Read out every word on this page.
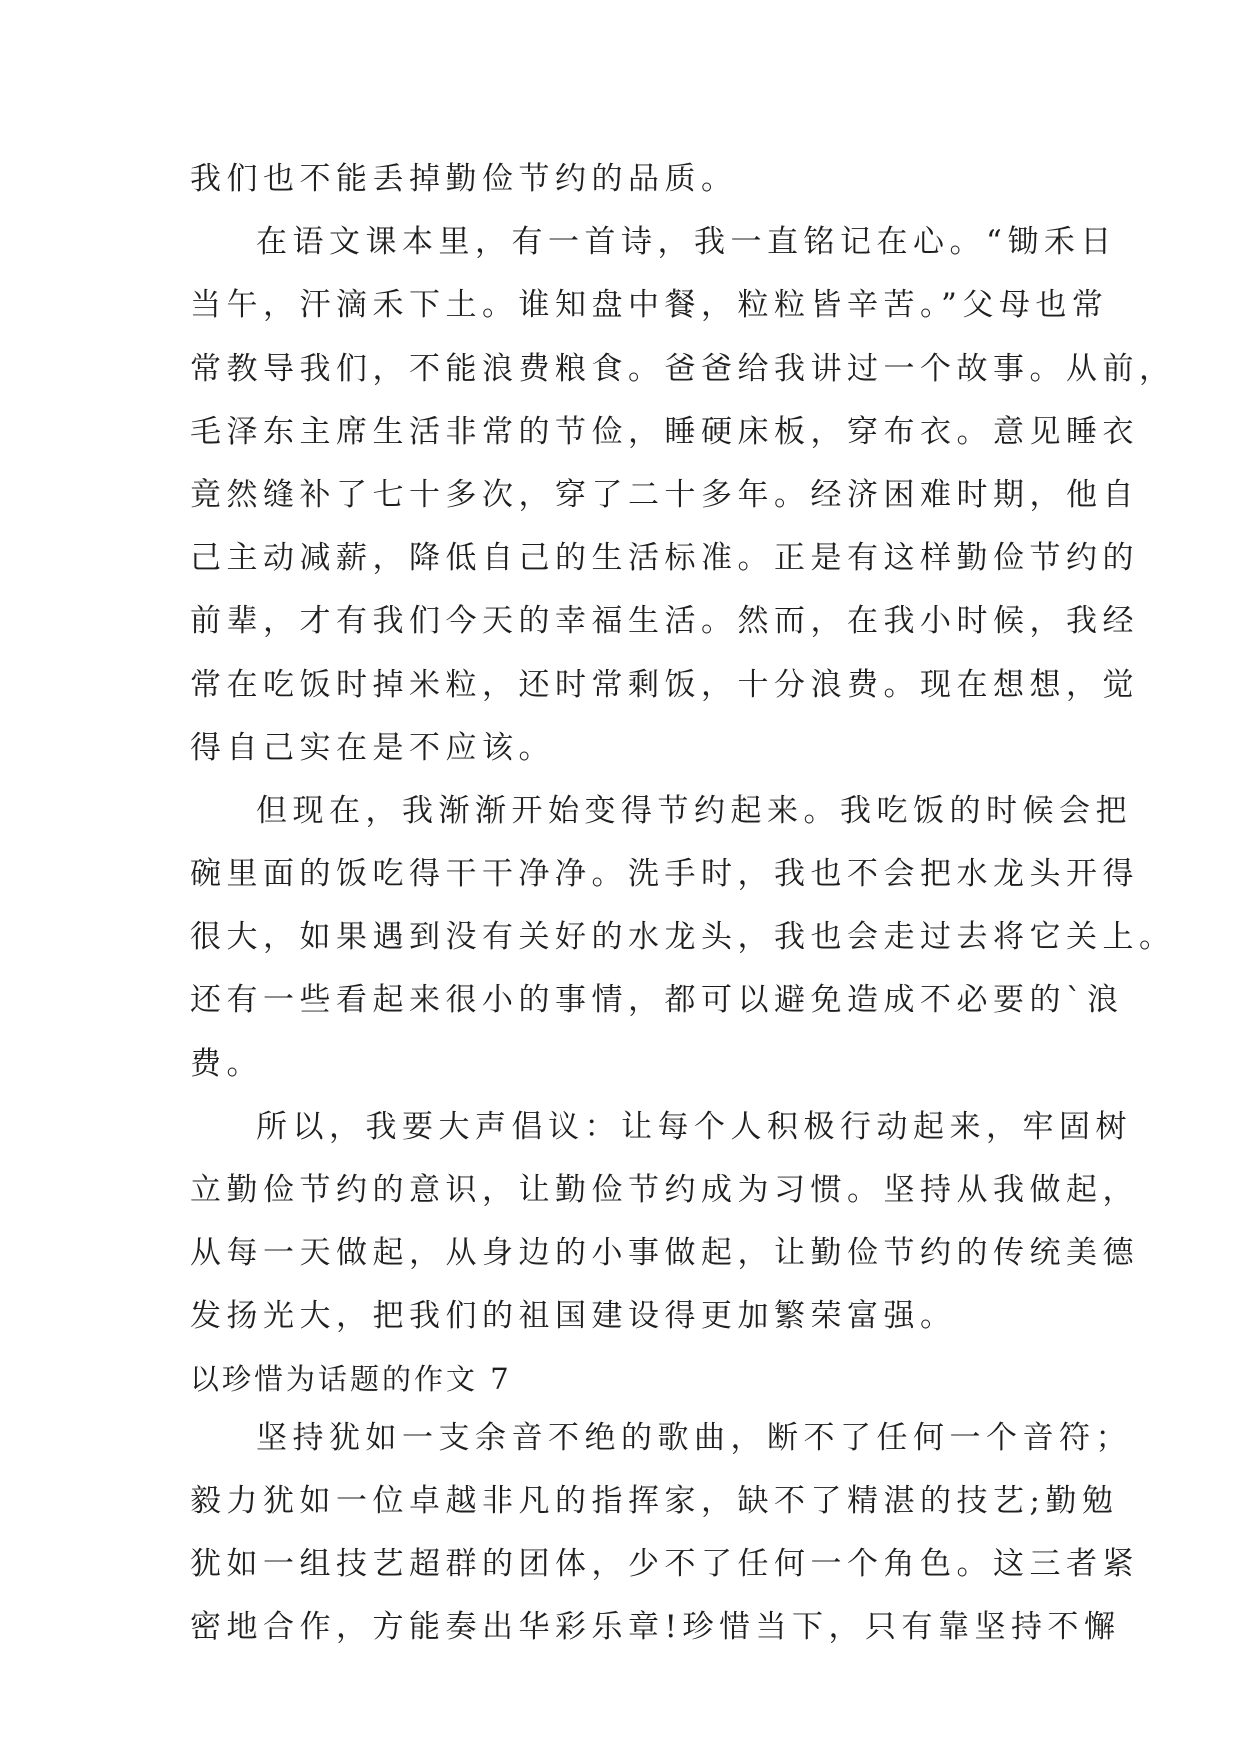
我们也不能丢掉勤俭节约的品质。
在语文课本里，有一首诗，我一直铭记在心。“锄禾日
当午，汗滴禾下土。谁知盘中餐，粒粒皆辛苦。”父母也常
常教导我们，不能浪费粮食。爸爸给我讲过一个故事。从前，
毛泽东主席生活非常的节俭，睡硬床板，穿布衣。意见睡衣
竟然缝补了七十多次，穿了二十多年。经济困难时期，他自
己主动减薪，降低自己的生活标准。正是有这样勤俭节约的
前辈，才有我们今天的幸福生活。然而，在我小时候，我经
常在吃饭时掉米粒，还时常剩饭，十分浪费。现在想想，觉
得自己实在是不应该。
但现在，我渐渐开始变得节约起来。我吃饭的时候会把
碗里面的饭吃得干干净净。洗手时，我也不会把水龙头开得
很大，如果遇到没有关好的水龙头，我也会走过去将它关上。
还有一些看起来很小的事情，都可以避免造成不必要的`浪
费。
所以，我要大声倡议：让每个人积极行动起来，牢固树
立勤俭节约的意识，让勤俭节约成为习惯。坚持从我做起，
从每一天做起，从身边的小事做起，让勤俭节约的传统美德
发扬光大，把我们的祖国建设得更加繁荣富强。
以珍惜为话题的作文 7
坚持犹如一支余音不绝的歌曲，断不了任何一个音符；
毅力犹如一位卓越非凡的指挥家，缺不了精湛的技艺;勤勉
犹如一组技艺超群的团体，少不了任何一个角色。这三者紧
密地合作，方能奏出华彩乐章!珍惜当下，只有靠坚持不懈
